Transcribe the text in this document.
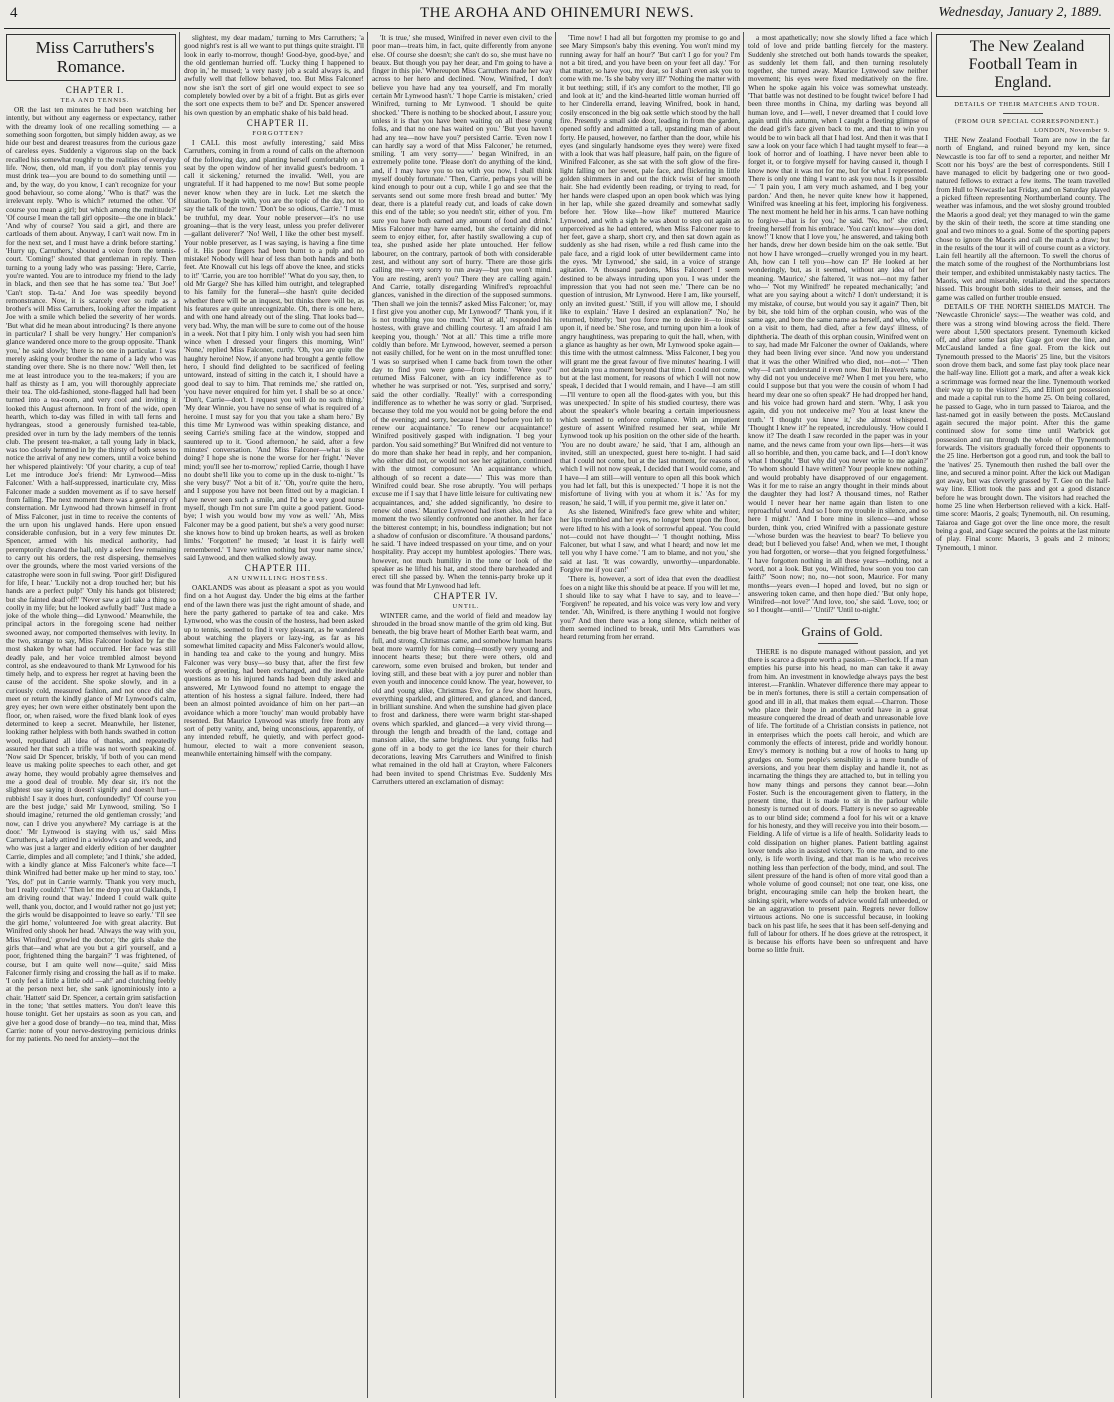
4	THE AROHA AND OHINEMURI NEWS.	Wednesday, January 2, 1889.

Miss Carruthers's Romance.

CHAPTER I.

TEA AND TENNIS.

OR the last ten minutes he had been watching her intently, but without any eagerness or expectancy, rather with the dreamy look of one recalling something — a something soon forgotten, but simply hidden away, as we hide our best and dearest treasures from the curious gaze of careless eyes. Suddenly a vigorous slap on the back recalled his somewhat roughly to the realities of everyday life. 'Now, then, old man, if you don't play tennis you must drink tea—you are bound to do something until — and, by the way, do you know, I can't recognize for your good behaviour, so come along.' 'Who is that?' was the irrelevant reply. 'Who is which?' returned the other. 'Of course you mean a girl; but which among the multitude?' 'Of course I mean the tall girl opposite—the one in black.' 'And why of course? You said a girl, and there are cartloads of them about. Anyway, I can't wait now. I'm in for the next set, and I must have a drink before starting.' 'Hurry up, Carruthers,' shouted a voice from the tennis-court. 'Coming!' shouted that gentleman in reply. Then turning to a young lady who was passing: 'Here, Carrie, you're wanted. You are to introduce my friend to the lady in black, and then see that he has some tea.' 'But Joe!' 'Can't stop. Ta-ta.' And Joe was speedily beyond remonstrance. Now, it is scarcely ever so rude as a brother's will Miss Carruthers, looking after the impatient Joe with a smile which belied the severity of her words. 'But what did he mean about introducing? Is there anyone in particular? I shall be very hungry.' Her companion's glance wandered once more to the group opposite. 'Thank you,' he said slowly; 'there is no one in particular. I was merely asking your brother the name of a lady who was standing over there. She is no there now.' 'Well then, let me at least introduce you to the tea-makers; if you are half as thirsty as I am, you will thoroughly appreciate their tea. The old-fashioned, stone-flagged hall had been turned into a tea-room, and very cool and inviting it looked this August afternoon. In front of the wide, open hearth, which to-day was filled in with tall ferns and hydrangeas, stood a generously furnished tea-table, presided over in turn by the lady members of the tennis club. The present tea-maker, a tall young lady in black, was too closely hemmed in by the thirsty of both sexes to notice the arrival of any new comers, until a voice behind her whispered plaintively: 'Of your charity, a cup of tea! Let me introduce Joe's friend: Mr Lynwood—Miss Falconer.' With a half-suppressed, inarticulate cry, Miss Falconer made a sudden movement as if to save herself from falling. The next moment there was a general cry of consternation. Mr Lynwood had thrown himself in front of Miss Falconer, just in time to receive the contents of the urn upon his unglaved hands. Here upon ensued considerable confusion, but in a very few minutes Dr. Spencer, armed with his medical authority, had peremptorily cleared the hall, only a select few remaining to carry out his orders, the rest dispersing, themselves over the grounds, where the most varied versions of the catastrophe were soon in full swing. 'Poor girl! Disfigured for life, I hear.' 'Luckily not a drop touched her; but his hands are a perfect pulp!' 'Only his hands got blistered; but she fainted dead off!' 'Never saw a girl take a thing so coolly in my life; but he looked awfully bad!' 'Just made a joke of the whole thing—did Lynwood.' Meanwhile, the principal actors in the foregoing scene had neither swooned away, nor comported themselves with levity. In the two, strange to say, Miss Falconer looked by far the most shaken by what had occurred. Her face was still deadly pale, and her voice trembled almost beyond control, as she endeavoured to thank Mr Lynwood for his timely help, and to express her regret at having been the cause of the accident. She spoke slowly, and in a curiously cold, measured fashion, and not once did she meet or return the kindly glance of Mr Lynwood's calm, grey eyes; her own were either obstinately bent upon the floor, or, when raised, wore the fixed blank look of eyes determined to keep a secret. Meanwhile, her listener, looking rather helpless with both hands swathed in cotton wool, repudiated all idea of thanks, and repeatedly assured her that such a trifle was not worth speaking of. 'Now said Dr Spencer, briskly, 'if both of you can mend leave us making polite speeches to each other, and get away home, they would probably agree themselves and me a good deal of trouble. My dear sir, it's not the slightest use saying it doesn't signify and doesn't hurt—rubbish! I say it does hurt, confoundedly!' 'Of course you are the best judge,' said Mr Lynwood, smiling. 'So I should imagine,' returned the old gentleman crossly; 'and now, can I drive you anywhere? My carriage is at the door.' 'Mr Lynwood is staying with us,' said Miss Carruthers, a lady attired in a widow's cap and weeds, and who was just a larger and elderly edition of her daughter Carrie, dimples and all complete; 'and I think,' she added, with a kindly glance at Miss Falconer's white face—'I think Winifred had better make up her mind to stay, too.' 'Yes, do!' put in Carrie warmly. 'Thank you very much, but I really couldn't.' 'Then let me drop you at Oaklands, I am driving round that way.' Indeed I could walk quite well, thank you, doctor, and I would rather not go just yet; the girls would be disappointed to leave so early.' 'I'll see the girl home,' volunteered Joe with great alacrity. But Winifred only shook her head. 'Always the way with you, Miss Winifred,' growled the doctor; 'the girls shake the girls that—and what are you but a girl yourself, and a poor, frightened thing the bargain?' 'I was frightened, of course, but I am quite well now—quite,' said Miss Falconer firmly rising and crossing the hall as if to make. 'I only feel a little a little odd —ah!' and clutching feebly at the person next her, she sank ignominiously into a chair. 'Hattett' said Dr. Spencer, a certain grim satisfaction in the tone; 'that settles matters. You don't leave this house tonight. Get her upstairs as soon as you can, and give her a good dose of brandy—no tea, mind that, Miss Carrie: none of your nerve-destroying pernicious drinks for my patients. No need for anxiety—not the

slightest, my dear madam,' turning to Mrs Carruthers; 'a good night's rest is all we want to put things quite straight. I'll look in early to-morrow, though! Good-bye, good-bye,' and the old gentleman hurried off. 'Lucky thing I happened to drop in,' he mused; 'a very nasty job a scald always is, and awfully well that fellow behaved, too. But Miss Falconer! now she isn't the sort of girl one would expect to see so completely bowled over by a bit of a fright. But as girls ever the sort one expects them to be?' and Dr. Spencer answered his own question by an emphatic shake of his bald head.

CHAPTER II.

FORGOTTEN?

I CALL this most awfully interesting,' said Miss Carruthers, coming in from a round of calls on the afternoon of the following day, and planting herself comfortably on a seat by the open window of her invalid guest's bedroom. 'I call it sickening,' returned the invalid. 'Well, you are ungrateful. If it had happened to me now! But some people never know when they are in luck. Let me sketch the situation. To begin with, you are the topic of the day, not to say the talk of the town.' 'Don't be so odious, Carrie.' 'I must be truthful, my dear. Your noble preserver—it's no use groaning—that is the very least, unless you prefer deliverer—gallant deliverer?' 'No! Well, I like the other best myself. Your noble preserver, as I was saying, is having a fine time of it. His poor fingers had been burnt to a pulp and no mistake! Nobody will hear of less than both hands and both feet. Ate Knowall cut his legs off above the knee, and sticks to it!' 'Carrie, you are too horrible!' 'What do you say, then, to old Mr Garge? She has killed him outright, and telegraphed to his family for the funeral—she hasn't quite decided whether there will be an inquest, but thinks there will be, as his features are quite unrecognizable. Oh, there is one here, and with one hand already out of the sling. That looks bad—very bad. Why, the man will be sure to come out of the house in a week. Not that I pity him. I only wish you had seen him wince when I dressed your fingers this morning, Win!' 'None,' replied Miss Falconer, curtly. 'Oh, you are quite the haughty heroine! Now, if anyone had brought a gentle fellow hero, I should find delighted to be sacrificed of feeling untoward, instead of sitting in the catch it, I should have a good deal to say to him. That reminds me,' she rattled on, 'you have never enquired for him yet. I shall be so at once.' 'Don't, Carrie—don't. I request you will do no such thing.' 'My dear Winnie, you have no sense of what is required of a heroine. I must say for you that you take a sham hero.' By this time Mr Lynwood was within speaking distance, and seeing Carrie's smiling face at the window, stopped and sauntered up to it. 'Good afternoon,' he said, after a few minutes' conversation. 'And Miss Falconer—what is she doing? I hope she is none the worse for her fright.' 'Never mind; you'll see her to-morrow,' replied Carrie, though I have no doubt she'll like you to come up in the dusk to-night.' 'Is she very busy?' 'Not a bit of it.' 'Oh, you're quite the hero, and I suppose you have not been fitted out by a magician. I have never seen such a smile, and I'd be a very good nurse myself, though I'm not sure I'm quite a good patient. Good-bye; I wish you would bow my vow as well.' 'Ah, Miss Falconer may be a good patient, but she's a very good nurse: she knows how to bind up broken hearts, as well as broken limbs.' 'Forgotten!' he mused; 'at least it is fairly well remembered.' 'I have written nothing but your name since,' said Lynwood, and then walked slowly away.

CHAPTER III.

AN UNWILLING HOSTESS.

OAKLANDS was about as pleasant a spot as you would find on a hot August day. Under the big elms at the farther end of the lawn there was just the right amount of shade, and here the party gathered to partake of tea and cake. Mrs Lynwood, who was the cousin of the hostess, had been asked up to tennis, seemed to find it very pleasant, as he wandered about watching the players or lazy-ing, as far as his somewhat limited capacity and Miss Falconer's would allow, in handing tea and cake to the young and hungry. Miss Falconer was very busy—so busy that, after the first few words of greeting, had been exchanged, and the inevitable questions as to his injured hands had been duly asked and answered, Mr Lynwood found no attempt to engage the attention of his hostess a signal failure. Indeed, there had been an almost pointed avoidance of him on her part—an avoidance which a more 'touchy' man would probably have resented. But Maurice Lynwood was utterly free from any sort of petty vanity, and, being unconscious, apparently, of any intended rebuff, he quietly, and with perfect good-humour, elected to wait a more convenient season, meanwhile entertaining himself with the company.

'It is true,' she mused, Winifred in never even civil to the poor man—treats him, in fact, quite differently from anyone else. Of course she doesn't; she can't do so, she must have no beaux. But though you pay her dear, and I'm going to have a finger in this pie.' Whereupon Miss Carruthers made her way across to her hero and declined. 'Now, Winifred, I don't believe you have had any tea yourself, and I'm morally certain Mr Lynwood hasn't.' 'I hope Carrie is mistaken,' cried Winifred, turning to Mr Lynwood. 'I should be quite shocked.' 'There is nothing to be shocked about, I assure you; unless it is that you have been waiting on all these young folks, and that no one has waited on you.' 'But you haven't had any tea—now have you?' persisted Carrie. 'Even now I can hardly say a word of that Miss Falconer,' he returned, smiling. 'I am very sorry——' began Winifred, in an extremely polite tone. 'Please don't do anything of the kind, and, if I may have you to tea with you now, I shall think myself doubly fortunate.' 'Then, Carrie, perhaps you will be kind enough to pour out a cup, while I go and see that the servants send out some more fresh bread and butter.' 'My dear, there is a plateful ready cut, and loads of cake down this end of the table; so you needn't stir, either of you. I'm sure you have both earned any amount of food and drink.' Miss Falconer may have earned, but she certainly did not seem to enjoy either, for, after hastily swallowing a cup of tea, she pushed aside her plate untouched. Her fellow labourer, on the contrary, partook of both with considerable zest, and without any sort of hurry. 'There are those girls calling me—very sorry to run away—but you won't mind. You are resting, aren't you? There they are calling again.' And Carrie, totally disregarding Winifred's reproachful glances, vanished in the direction of the supposed summons. 'Then shall we join the tennis?' asked Miss Falconer; 'or, may I first give you another cup, Mr Lynwood?' 'Thank you, if it is not troubling you too much.' 'Not at all,' responded his hostess, with grave and chilling courtesy. 'I am afraid I am keeping you, though.' 'Not at all.' This time a trifle more coldly than before. Mr Lynwood, however, seemed a person not easily chilled, for he went on in the most unruffled tone: 'I was so surprised when I came back from town the other day to find you were gone—from home.' 'Were you?' returned Miss Falconer, with an icy indifference as to whether he was surprised or not. 'Yes, surprised and sorry,' said the other cordially. 'Really!' with a corresponding indifference as to whether he was sorry or glad. 'Surprised, because they told me you would not be going before the end of the evening; and sorry, because I hoped before you left to renew our acquaintance.' 'To renew our acquaintance!' Winifred positively gasped with indignation. 'I beg your pardon. You said something?' But Winifred did not venture to do more than shake her head in reply, and her companion, who either did not, or would not see her agitation, continued with the utmost composure: 'An acquaintance which, although of so recent a date——' This was more than Winifred could bear. She rose abruptly. 'You will perhaps excuse me if I say that I have little leisure for cultivating new acquaintances, and,' she added significantly, 'no desire to renew old ones.' Maurice Lynwood had risen also, and for a moment the two silently confronted one another. In her face the bitterest contempt; in his, boundless indignation; but not a shadow of confusion or discomfiture. 'A thousand pardons,' he said. 'I have indeed trespassed on your time, and on your hospitality. Pray accept my humblest apologies.' There was, however, not much humility in the tone or look of the speaker as he lifted his hat, and stood there bareheaded and erect till she passed by. When the tennis-party broke up it was found that Mr Lynwood had left.

CHAPTER IV.

UNTIL.

WINTER came, and the world of field and meadow lay shrouded in the broad snow mantle of the grim old king. But beneath, the big brave heart of Mother Earth beat warm, and full, and strong. Christmas came, and somehow human hearts beat more warmly for his coming—mostly very young and innocent hearts these; but there were others, old and careworn, some even bruised and broken, but tender and loving still, and these beat with a joy purer and nobler than even youth and innocence could know. The year, however, to old and young alike, Christmas Eve, for a few short hours, everything sparkled, and glittered, and glanced, and danced, in brilliant sunshine. And when the sunshine had given place to frost and darkness, there were warm bright star-shaped ovens which sparkled, and glanced—a very vivid throng—through the length and breadth of the land, cottage and mansion alike, the same brightness. Our young folks had gone off in a body to get the ice lanes for their church decorations, leaving Mrs Carruthers and Winifred to finish what remained in the old hall at Crayton, where Falconers had been invited to spend Christmas Eve. Suddenly Mrs Carruthers uttered an exclamation of dismay:

'Time now! I had all but forgotten my promise to go and see Mary Simpson's baby this evening. You won't mind my running away for half an hour?' 'But can't I go for you? I'm not a bit tired, and you have been on your feet all day.' 'For that matter, so have you, my dear, so I shan't even ask you to come with me. 'Is she baby very ill?' 'Nothing the matter with it but teething; still, if it's any comfort to the mother, I'll go and look at it;' and the kind-hearted little woman hurried off to her Cinderella errand, leaving Winifred, book in hand, cosily ensconced in the big oak settle which stood by the hall fire. Presently a small side door, leading in from the garden, opened softly and admitted a tall, upstanding man of about forty. He paused, however, no farther than the door, while his eyes (and singularly handsome eyes they were) were fixed with a look that was half pleasure, half pain, on the figure of Winifred Falconer, as she sat with the soft glow of the fire-light falling on her sweet, pale face, and flickering in little golden shimmers in and out the thick twist of her smooth hair. She had evidently been reading, or trying to read, for her hands were clasped upon an open book which was lying in her lap, while she gazed dreamily and somewhat sadly before her. 'How like—how like!' muttered Maurice Lynwood, and with a sigh he was about to step out again as unperceived as he had entered, when Miss Falconer rose to her feet, gave a sharp, short cry, and then sat down again as suddenly as she had risen, while a red flush came into the pale face, and a rigid look of utter bewilderment came into the eyes. 'Mr Lynwood,' she said, in a voice of strange agitation. 'A thousand pardons, Miss Falconer! I seem destined to be always intruding upon you. I was under the impression that you had not seen me.' 'There can be no question of intrusion, Mr Lynwood. Here I am, like yourself, only an invited guest.' 'Still, if you will allow me, I should like to explain.' 'Have I desired an explanation?' 'No,' he returned, bitterly; 'but you force me to desire it—to insist upon it, if need be.' She rose, and turning upon him a look of angry haughtiness, was preparing to quit the hall, when, with a glance as haughty as her own, Mr Lynwood spoke again—this time with the utmost calmness. 'Miss Falconer, I beg you will grant me the great favour of five minutes' hearing. I will not detain you a moment beyond that time. I could not come, but at the last moment, for reasons of which I will not now speak, I decided that I would remain, and I have—I am still—I'll venture to open all the flood-gates with you, but this was unexpected.' In spite of his studied courtesy, there was about the speaker's whole bearing a certain imperiousness which seemed to enforce compliance. With an impatient gesture of assent Winifred resumed her seat, while Mr Lynwood took up his position on the other side of the hearth. 'You are no doubt aware,' he said, 'that I am, although an invited, still an unexpected, guest here to-night. I had said that I could not come, but at the last moment, for reasons of which I will not now speak, I decided that I would come, and I have—I am still—will venture to open all this book which you had let fall, but this is unexpected.' 'I hope it is not the misfortune of living with you at whom it is.' 'As for my reason,' he said, 'I will, if you permit me, give it later on.'

As she listened, Winifred's face grew white and whiter; her lips trembled and her eyes, no longer bent upon the floor, were lifted to his with a look of sorrowful appeal. 'You could not—could not have thought—' 'I thought nothing, Miss Falconer, but what I saw, and what I heard; and now let me tell you why I have come.' 'I am to blame, and not you,' she said at last. 'It was cowardly, unworthy—unpardonable. Forgive me if you can!'

'There is, however, a sort of idea that even the deadliest foes on a night like this should be at peace. If you will let me, I should like to say what I have to say, and to leave—' 'Forgiven!' he repeated, and his voice was very low and very tender. 'Ah, Winifred, is there anything I would not forgive you?' And then there was a long silence, which neither of them seemed inclined to break, until Mrs Carruthers was heard returning from her errand.

a most apathetically; now she slowly lifted a face which told of love and pride battling fiercely for the mastery. Suddenly she stretched out both hands towards the speaker, as suddenly let them fall, and then turning resolutely together, she turned away. Maurice Lynwood saw neither movement; his eyes were fixed meditatively on the fire. When he spoke again his voice was somewhat unsteady. 'That battle was not destined to be fought twice! before I had been three months in China, my darling was beyond all human love, and I—well, I never dreamed that I could love again until this autumn, when I caught a fleeting glimpse of the dead girl's face given back to me, and that to win you would be to win back all that I had lost. And then it was that I saw a look on your face which I had taught myself to fear—a look of horror and of loathing. I have never been able to forget it, or to forgive myself for having caused it, though I know now that it was not for me, but for what I represented. There is only one thing I want to ask you now. Is it possible—' 'I pain you, I am very much ashamed, and I beg your pardon.' And then, he never quite knew how it happened, Winifred was kneeling at his feet, imploring his forgiveness. The next moment he held her in his arms. 'I can have nothing to forgive—that is for you,' he said. 'No, no!' she cried, freeing herself from his embrace. 'You can't know—you don't know!' 'I know that I love you,' he answered, and taking both her hands, drew her down beside him on the oak settle. 'But not how I have wronged—cruelly wronged you in my heart. Ah, how can I tell you—how can I?' He looked at her wonderingly, but, as it seemed, without any idea of her meaning. 'Maurice,' she faltered, 'it was not—not my father who—' 'Not my Winifred!' he repeated mechanically; 'and what are you saying about a witch? I don't understand; it is my mistake, of course, but would you say it again?' Then, bit by bit, she told him of the orphan cousin, who was of the same age, and bore the same name as herself, and who, while on a visit to them, had died, after a few days' illness, of diphtheria. The death of this orphan cousin, Winifred went on to say, had made Mr Falconer the owner of Oaklands, where they had been living ever since. 'And now you understand that it was the other Winifred who died, not—not—' 'Then why—I can't understand it even now. But in Heaven's name, why did not you undeceive me? When I met you here, who could I suppose but that you were the cousin of whom I had heard my dear one so often speak?' He had dropped her hand, and his voice had grown hard and stern. 'Why, I ask you again, did you not undeceive me? You at least knew the truth.' 'I thought you knew it,' she almost whispered. 'Thought I knew it?' he repeated, incredulously. 'How could I know it? The death I saw recorded in the paper was in your name, and the news came from your own lips—hers—it was all so horrible, and then, you came back, and I—I don't know what I thought.' 'But why did you never write to me again?' 'To whom should I have written? Your people knew nothing, and would probably have disapproved of our engagement. Was it for me to raise an angry thought in their minds about the daughter they had lost? A thousand times, no! Rather would I never hear her name again than listen to one reproachful word. And so I bore my trouble in silence, and so here I might.' 'And I bore mine in silence—and whose burden, think you, cried Winifred with a passionate gesture—'whose burden was the heaviest to bear? To believe you dead; but I believed you false! And, when we met, I thought you had forgotten, or worse—that you feigned forgetfulness.' 'I have forgotten nothing in all these years—nothing, not a word, not a look. But you, Winifred, how soon you too can faith?' 'Soon now; no, no—not soon, Maurice. For many months—years even—I hoped and loved, but no sign or answering token came, and then hope died.' 'But only hope, Winifred—not love?' 'And love, too,' she said. 'Love, too; or so I thought—until—' 'Until?' 'Until to-night.'

Grains of Gold.

THERE is no dispute managed without passion, and yet there is scarce a dispute worth a passion.—Sherlock. If a man empties his purse into his head, no man can take it away from him. An investment in knowledge always pays the best interest.—Franklin. Whatever difference there may appear to be in men's fortunes, there is still a certain compensation of good and ill in all, that makes them equal.—Charron. Those who place their hope in another world have in a great measure conquered the dread of death and unreasonable love of life. The fortitude of a Christian consists in patience, not in enterprises which the poets call heroic, and which are commonly the effects of interest, pride and worldly honour. Envy's memory is nothing but a row of hooks to hang up grudges on. Some people's sensibility is a mere bundle of aversions, and you hear them display and handle it, not as incarnating the things they are attached to, but in telling you how many things and persons they cannot bear.—John Foster. Such is the encouragement given to flattery, in the present time, that it is made to sit in the parlour while honesty is turned out of doors. Flattery is never so agreeable as to our blind side; commend a fool for his wit or a knave for his honesty, and they will receive you into their bosom.—Fielding. A life of virtue is a life of health. Solidarity leads to cold dissipation on higher planes. Patient battling against lower tends also in assisted victory. To one man, and to one only, is life worth living, and that man is he who receives nothing less than perfection of the body, mind, and soul. The silent pressure of the hand is often of more vital good than a whole volume of good counsel; not one tear, one kiss, one bright, encouraging smile can help the broken heart, the sinking spirit, where words of advice would fall unheeded, or be an aggravation to present pain. Regrets never follow virtuous actions. No one is successful because, in looking back on his past life, he sees that it has been self-denying and full of labour for others. If he does grieve at the retrospect, it is because his efforts have been so unfrequent and have borne so little fruit.

The New Zealand Football Team in England.

DETAILS OF THEIR MATCHES AND TOUR.

(FROM OUR SPECIAL CORRESPONDENT.)

LONDON, November 9.

THE New Zealand Football Team are now in the far north of England, and ruined beyond my ken, since Newcastle is too far off to send a reporter, and neither Mr Scott nor his 'boys' are the best of correspondents. Still I have managed to elicit by badgering one or two good-natured fellows to extract a few items. The team travelled from Hull to Newcastle last Friday, and on Saturday played a picked fifteen representing Northumberland county. The weather was infamous, and the wet sloshy ground troubled the Maoris a good deal; yet they managed to win the game by the skin of their teeth, the score at time standing one goal and two minors to a goal. Some of the sporting papers chose to ignore the Maoris and call the match a draw; but in the results of the tour it will of course count as a victory. Lain fell heartily all the afternoon. To swell the chorus of the match some of the roughest of the Northumbrians lost their temper, and exhibited unmistakably nasty tactics. The Maoris, wet and miserable, retaliated, and the spectators hissed. This brought both sides to their senses, and the game was called on further trouble ensued.

DETAILS OF THE NORTH SHIELDS MATCH. The 'Newcastle Chronicle' says:—The weather was cold, and there was a strong wind blowing across the field. There were about 1,500 spectators present. Tynemouth kicked off, and after some fast play Gage got over the line, and McCausland landed a fine goal. From the kick out Tynemouth pressed to the Maoris' 25 line, but the visitors soon drove them back, and some fast play took place near the half-way line. Elliott got a mark, and after a weak kick a scrimmage was formed near the line. Tynemouth worked their way up to the visitors' 25, and Elliott got possession and made a capital run to the home 25. On being collared, he passed to Gage, who in turn passed to Taiaroa, and the last-named got in easily between the posts. McCausland again secured the major point. After this the game continued slow for some time until Warbrick got possession and ran through the whole of the Tynemouth forwards. The visitors gradually forced their opponents to the 25 line. Herbertson got a good run, and took the ball to the 'natives' 25. Tynemouth then rushed the ball over the line, and secured a minor point. After the kick out Madigan got away, but was cleverly grassed by T. Gee on the half-way line. Elliott took the pass and got a good distance before he was brought down. The visitors had reached the home 25 line when Herbertson relieved with a kick. Half-time score: Maoris, 2 goals; Tynemouth, nil. On resuming, Taiaroa and Gage got over the line once more, the result being a goal, and Gage secured the points at the last minute of play. Final score: Maoris, 3 goals and 2 minors; Tynemouth, 1 minor.
